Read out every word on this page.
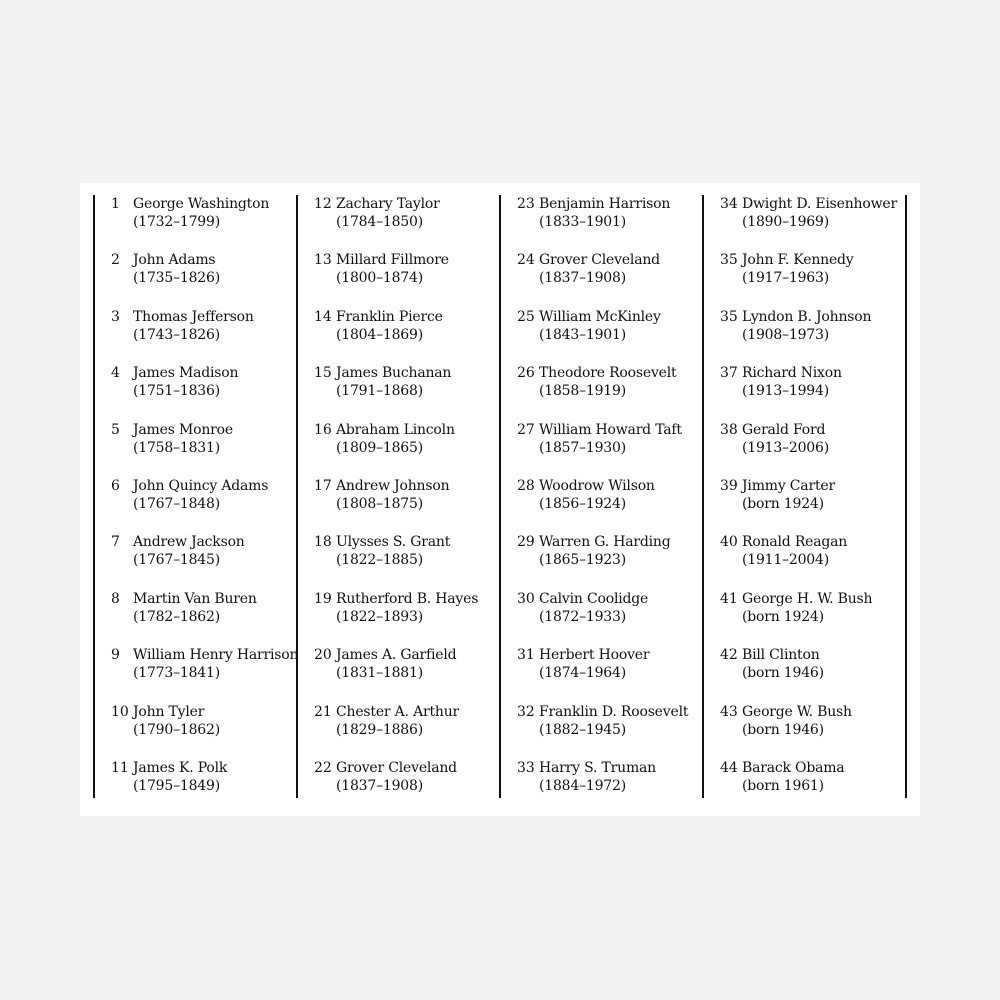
1 George Washington
(1732–1799)
2 John Adams
(1735–1826)
3 Thomas Jefferson
(1743–1826)
4 James Madison
(1751–1836)
5 James Monroe
(1758–1831)
6 John Quincy Adams
(1767–1848)
7 Andrew Jackson
(1767–1845)
8 Martin Van Buren
(1782–1862)
9 William Henry Harrison
(1773–1841)
10 John Tyler
(1790–1862)
11 James K. Polk
(1795–1849)
12 Zachary Taylor
(1784–1850)
13 Millard Fillmore
(1800–1874)
14 Franklin Pierce
(1804–1869)
15 James Buchanan
(1791–1868)
16 Abraham Lincoln
(1809–1865)
17 Andrew Johnson
(1808–1875)
18 Ulysses S. Grant
(1822–1885)
19 Rutherford B. Hayes
(1822–1893)
20 James A. Garfield
(1831–1881)
21 Chester A. Arthur
(1829–1886)
22 Grover Cleveland
(1837–1908)
23 Benjamin Harrison
(1833–1901)
24 Grover Cleveland
(1837–1908)
25 William McKinley
(1843–1901)
26 Theodore Roosevelt
(1858–1919)
27 William Howard Taft
(1857–1930)
28 Woodrow Wilson
(1856–1924)
29 Warren G. Harding
(1865–1923)
30 Calvin Coolidge
(1872–1933)
31 Herbert Hoover
(1874–1964)
32 Franklin D. Roosevelt
(1882–1945)
33 Harry S. Truman
(1884–1972)
34 Dwight D. Eisenhower
(1890–1969)
35 John F. Kennedy
(1917–1963)
35 Lyndon B. Johnson
(1908–1973)
37 Richard Nixon
(1913–1994)
38 Gerald Ford
(1913–2006)
39 Jimmy Carter
(born 1924)
40 Ronald Reagan
(1911–2004)
41 George H. W. Bush
(born 1924)
42 Bill Clinton
(born 1946)
43 George W. Bush
(born 1946)
44 Barack Obama
(born 1961)
